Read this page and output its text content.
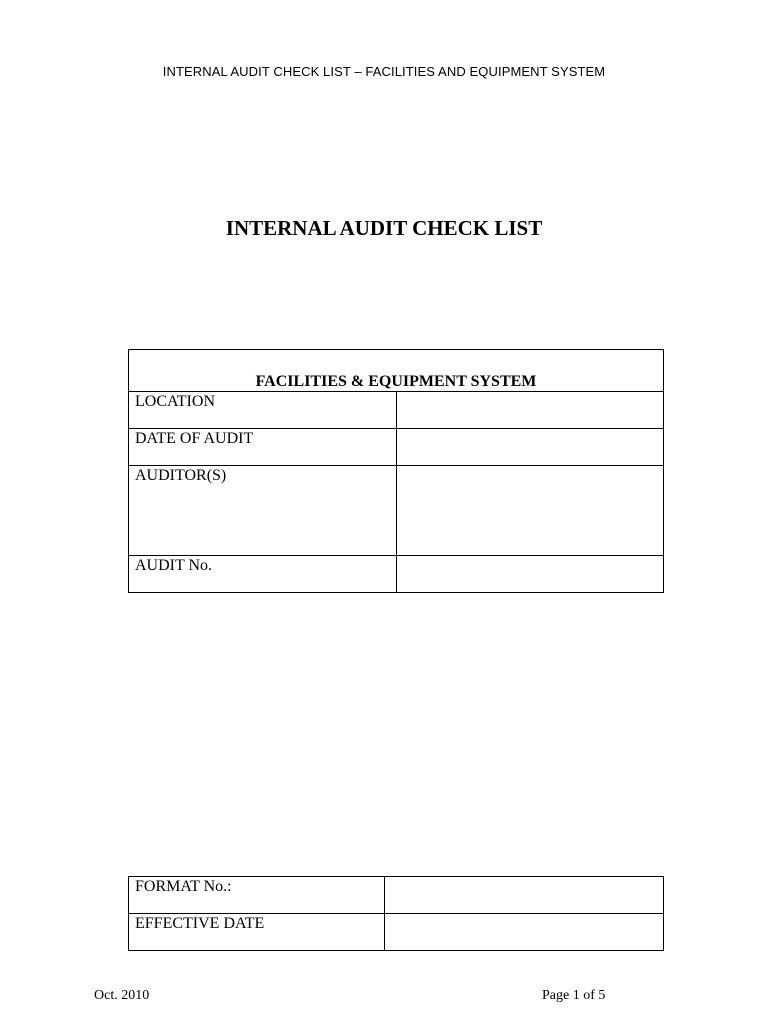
INTERNAL AUDIT CHECK LIST – FACILITIES AND EQUIPMENT SYSTEM
INTERNAL AUDIT CHECK LIST
FACILITIES & EQUIPMENT SYSTEM	
LOCATION	
DATE OF AUDIT	
AUDITOR(S)	
AUDIT No.	
FORMAT No.:	
EFFECTIVE DATE	
Oct. 2010	Page 1 of 5
